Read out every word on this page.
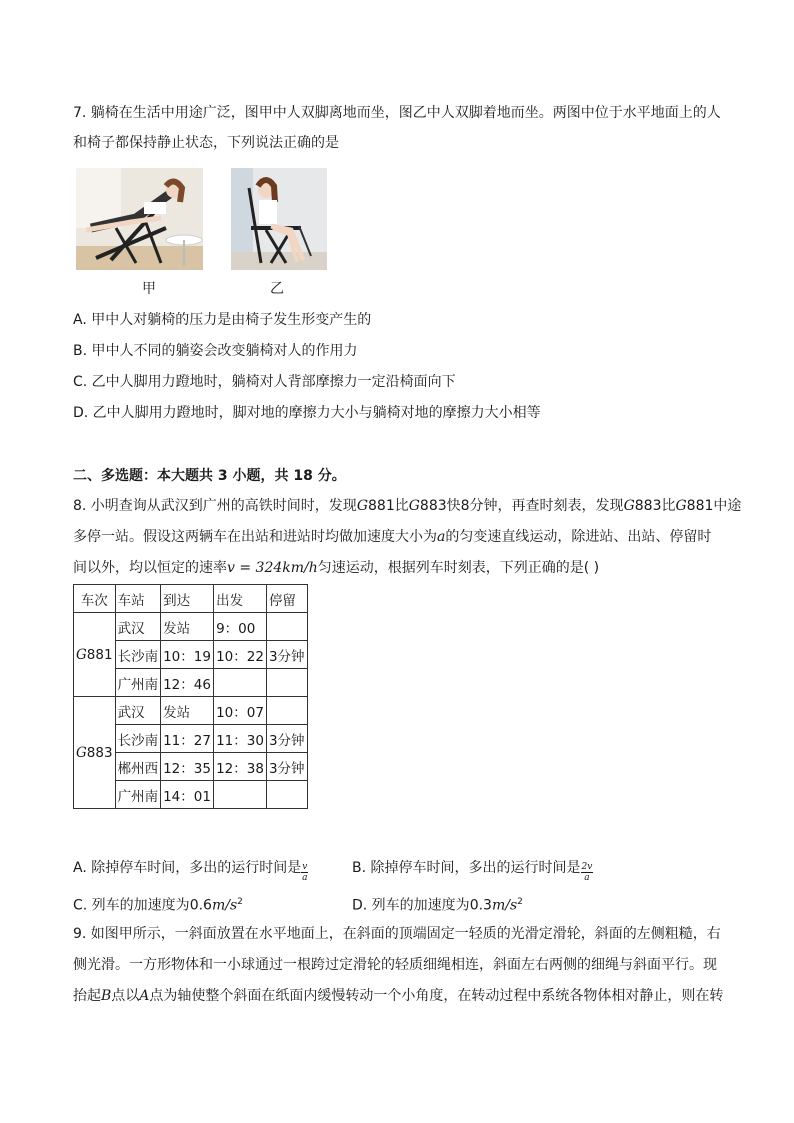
7. 躺椅在生活中用途广泛，图甲中人双脚离地而坐，图乙中人双脚着地而坐。两图中位于水平地面上的人
和椅子都保持静止状态，下列说法正确的是
甲	乙
A. 甲中人对躺椅的压力是由椅子发生形变产生的
B. 甲中人不同的躺姿会改变躺椅对人的作用力
C. 乙中人脚用力蹬地时，躺椅对人背部摩擦力一定沿椅面向下
D. 乙中人脚用力蹬地时，脚对地的摩擦力大小与躺椅对地的摩擦力大小相等
二、多选题：本大题共 3 小题，共 18 分。
8. 小明查询从武汉到广州的高铁时间时，发现G881比G883快8分钟，再查时刻表，发现G883比G881中途
多停一站。假设这两辆车在出站和进站时均做加速度大小为a的匀变速直线运动，除进站、出站、停留时
间以外，均以恒定的速率v = 324km/h匀速运动，根据列车时刻表，下列正确的是( )
车次	车站	到达	出发	停留
G881	武汉	发站	9：00	
	长沙南	10：19	10：22	3分钟
	广州南	12：46		
G883	武汉	发站	10：07	
	长沙南	11：27	11：30	3分钟
	郴州西	12：35	12：38	3分钟
	广州南	14：01		
A. 除掉停车时间，多出的运行时间是 $\frac{v}{a}$	B. 除掉停车时间，多出的运行时间是 $\frac{2v}{a}$
C. 列车的加速度为$0.6m/s^2$	D. 列车的加速度为$0.3m/s^2$
9. 如图甲所示，一斜面放置在水平地面上，在斜面的顶端固定一轻质的光滑定滑轮，斜面的左侧粗糙，右
侧光滑。一方形物体和一小球通过一根跨过定滑轮的轻质细绳相连，斜面左右两侧的细绳与斜面平行。现
抬起B点以A点为轴使整个斜面在纸面内缓慢转动一个小角度，在转动过程中系统各物体相对静止，则在转
